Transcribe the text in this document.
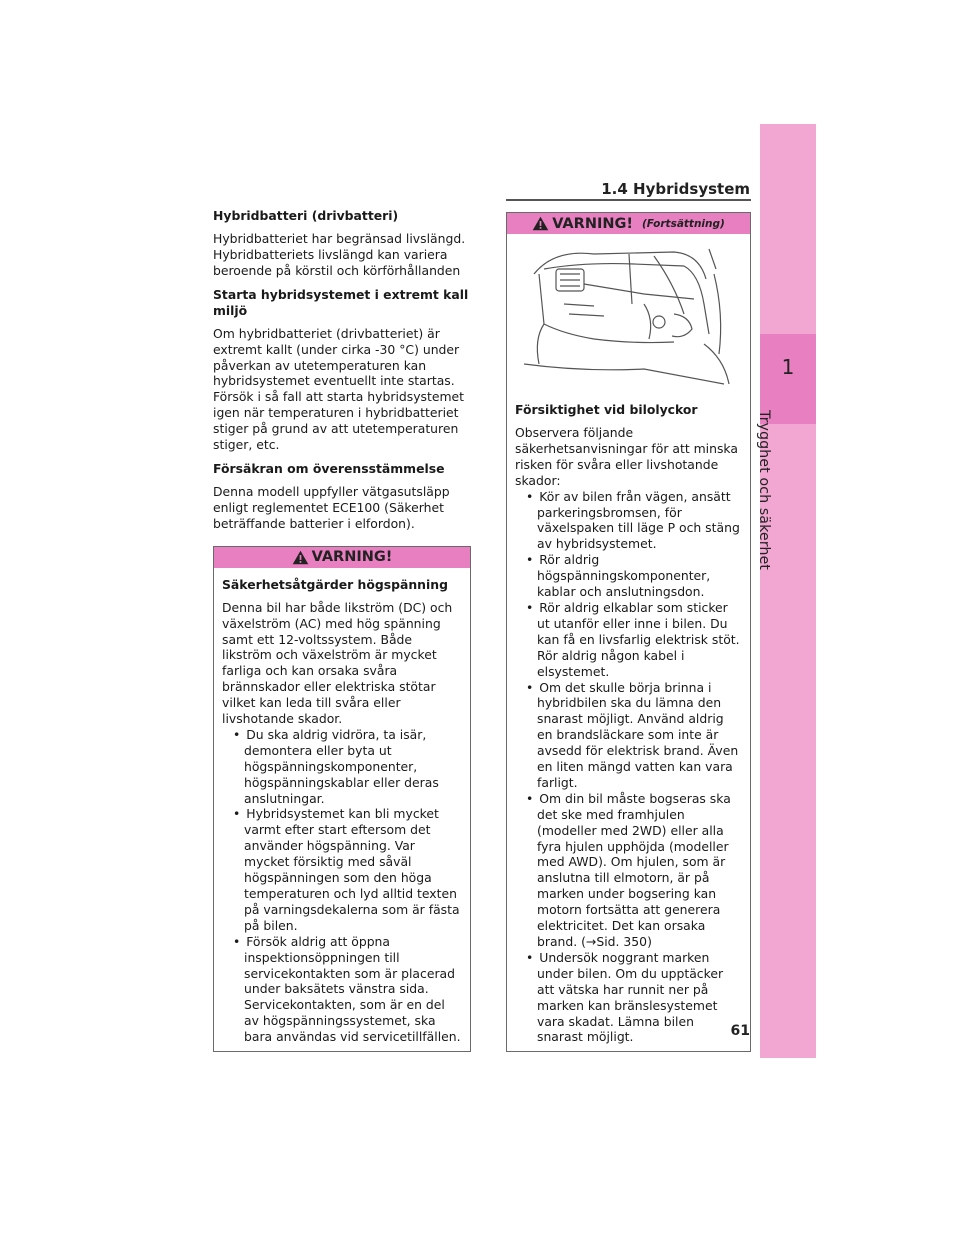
1
Trygghet och säkerhet
1.4 Hybridsystem
Hybridbatteri (drivbatteri)

Hybridbatteriet har begränsad livslängd. Hybridbatteriets livslängd kan variera beroende på körstil och körförhållanden

Starta hybridsystemet i extremt kall miljö

Om hybridbatteriet (drivbatteriet) är extremt kallt (under cirka -30 °C) under påverkan av utetemperaturen kan hybridsystemet eventuellt inte startas. Försök i så fall att starta hybridsystemet igen när temperaturen i hybridbatteriet stiger på grund av att utetemperaturen stiger, etc.

Försäkran om överensstämmelse

Denna modell uppfyller vätgasutsläpp enligt reglementet ECE100 (Säkerhet beträffande batterier i elfordon).

VARNING!
Säkerhetsåtgärder högspänning

Denna bil har både likström (DC) och växelström (AC) med hög spänning samt ett 12-voltssystem. Både likström och växelström är mycket farliga och kan orsaka svåra brännskador eller elektriska stötar vilket kan leda till svåra eller livshotande skador.

• Du ska aldrig vidröra, ta isär, demontera eller byta ut högspänningskomponenter, högspänningskablar eller deras anslutningar.
• Hybridsystemet kan bli mycket varmt efter start eftersom det använder högspänning. Var mycket försiktig med såväl högspänningen som den höga temperaturen och lyd alltid texten på varningsdekalerna som är fästa på bilen.
• Försök aldrig att öppna inspektionsöppningen till servicekontakten som är placerad under baksätets vänstra sida. Servicekontakten, som är en del av högspänningssystemet, ska bara användas vid servicetillfällen.
VARNING! (Fortsättning)
Försiktighet vid bilolyckor

Observera följande säkerhetsanvisningar för att minska risken för svåra eller livshotande skador:

• Kör av bilen från vägen, ansätt parkeringsbromsen, för växelspaken till läge P och stäng av hybridsystemet.
• Rör aldrig högspänningskomponenter, kablar och anslutningsdon.
• Rör aldrig elkablar som sticker ut utanför eller inne i bilen. Du kan få en livsfarlig elektrisk stöt. Rör aldrig någon kabel i elsystemet.
• Om det skulle börja brinna i hybridbilen ska du lämna den snarast möjligt. Använd aldrig en brandsläckare som inte är avsedd för elektrisk brand. Även en liten mängd vatten kan vara farligt.
• Om din bil måste bogseras ska det ske med framhjulen (modeller med 2WD) eller alla fyra hjulen upphöjda (modeller med AWD). Om hjulen, som är anslutna till elmotorn, är på marken under bogsering kan motorn fortsätta att generera elektricitet. Det kan orsaka brand. (→Sid. 350)
• Undersök noggrant marken under bilen. Om du upptäcker att vätska har runnit ner på marken kan bränslesystemet vara skadat. Lämna bilen snarast möjligt.	61
